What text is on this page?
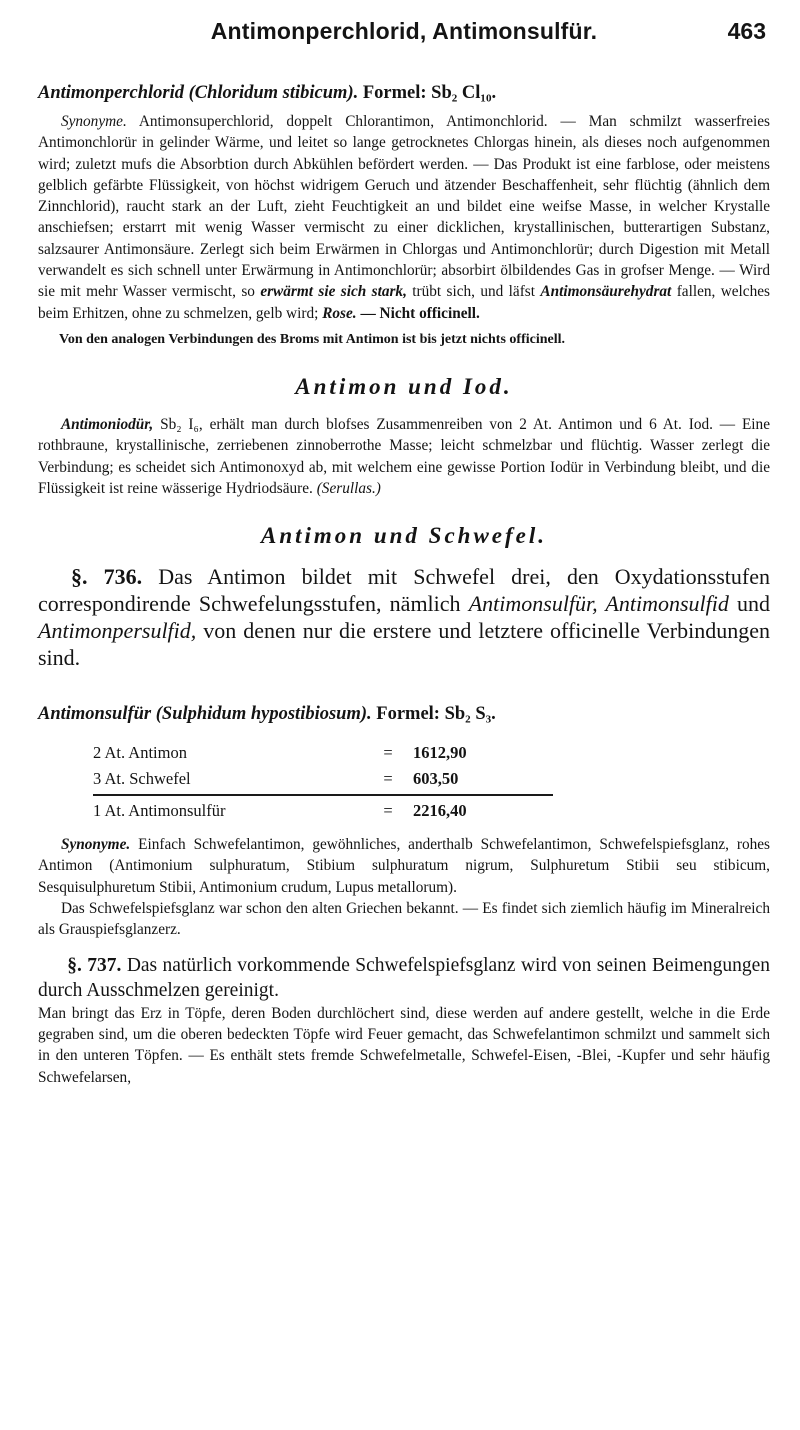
Antimonperchlorid, Antimonsulfür.	463
Antimonperchlorid (Chloridum stibicum). Formel: Sb₂ Cl₁₀.

Synonyme. Antimonsuperchlorid, doppelt Chlorantimon, Antimonchlorid. — Man schmilzt wasserfreies Antimonchlorür in gelinder Wärme, und leitet so lange getrocknetes Chlorgas hinein, als dieses noch aufgenommen wird; zuletzt mufs die Absorbtion durch Abkühlen befördert werden. — Das Produkt ist eine farblose, oder meistens gelblich gefärbte Flüssigkeit, von höchst widrigem Geruch und ätzender Beschaffenheit, sehr flüchtig (ähnlich dem Zinnchlorid), raucht stark an der Luft, zieht Feuchtigkeit an und bildet eine weifse Masse, in welcher Krystalle anschiefsen; erstarrt mit wenig Wasser vermischt zu einer dicklichen, krystallinischen, butterartigen Substanz, salzsaurer Antimonsäure. Zerlegt sich beim Erwärmen in Chlorgas und Antimonchlorür; durch Digestion mit Metall verwandelt es sich schnell unter Erwärmung in Antimonchlorür; absorbirt ölbildendes Gas in grofser Menge. — Wird sie mit mehr Wasser vermischt, so erwärmt sie sich stark, trübt sich, und läfst Antimonsäurehydrat fallen, welches beim Erhitzen, ohne zu schmelzen, gelb wird; Rose. — Nicht officinell.

Von den analogen Verbindungen des Broms mit Antimon ist bis jetzt nichts officinell.

Antimon und Iod.

Antimoniodür, Sb₂ I₆, erhält man durch blofses Zusammenreiben von 2 At. Antimon und 6 At. Iod. — Eine rothbraune, krystallinische, zerriebenen zinnoberrothe Masse; leicht schmelzbar und flüchtig. Wasser zerlegt die Verbindung; es scheidet sich Antimonoxyd ab, mit welchem eine gewisse Portion Iodür in Verbindung bleibt, und die Flüssigkeit ist reine wässerige Hydriodsäure. (Serullas.)

Antimon und Schwefel.

§. 736. Das Antimon bildet mit Schwefel drei, den Oxydationsstufen correspondirende Schwefelungsstufen, nämlich Antimonsulfür, Antimonsulfid und Antimonpersulfid, von denen nur die erstere und letztere officinelle Verbindungen sind.

Antimonsulfür (Sulphidum hypostibiosum). Formel: Sb₂ S₃.
2 At. Antimon	=	1612,90
3 At. Schwefel	=	603,50
1 At. Antimonsulfür	=	2216,40

Synonyme. Einfach Schwefelantimon, gewöhnliches, anderthalb Schwefelantimon, Schwefelspiefsglanz, rohes Antimon (Antimonium sulphuratum, Stibium sulphuratum nigrum, Sulphuretum Stibii seu stibicum, Sesquisulphuretum Stibii, Antimonium crudum, Lupus metallorum).

Das Schwefelspiefsglanz war schon den alten Griechen bekannt. — Es findet sich ziemlich häufig im Mineralreich als Grauspiefsglanzerz.

§. 737. Das natürlich vorkommende Schwefelspiefsglanz wird von seinen Beimengungen durch Ausschmelzen gereinigt.

Man bringt das Erz in Töpfe, deren Boden durchlöchert sind, diese werden auf andere gestellt, welche in die Erde gegraben sind, um die oberen bedeckten Töpfe wird Feuer gemacht, das Schwefelantimon schmilzt und sammelt sich in den unteren Töpfen. — Es enthält stets fremde Schwefelmetalle, Schwefel-Eisen, -Blei, -Kupfer und sehr häufig Schwefelarsen,
